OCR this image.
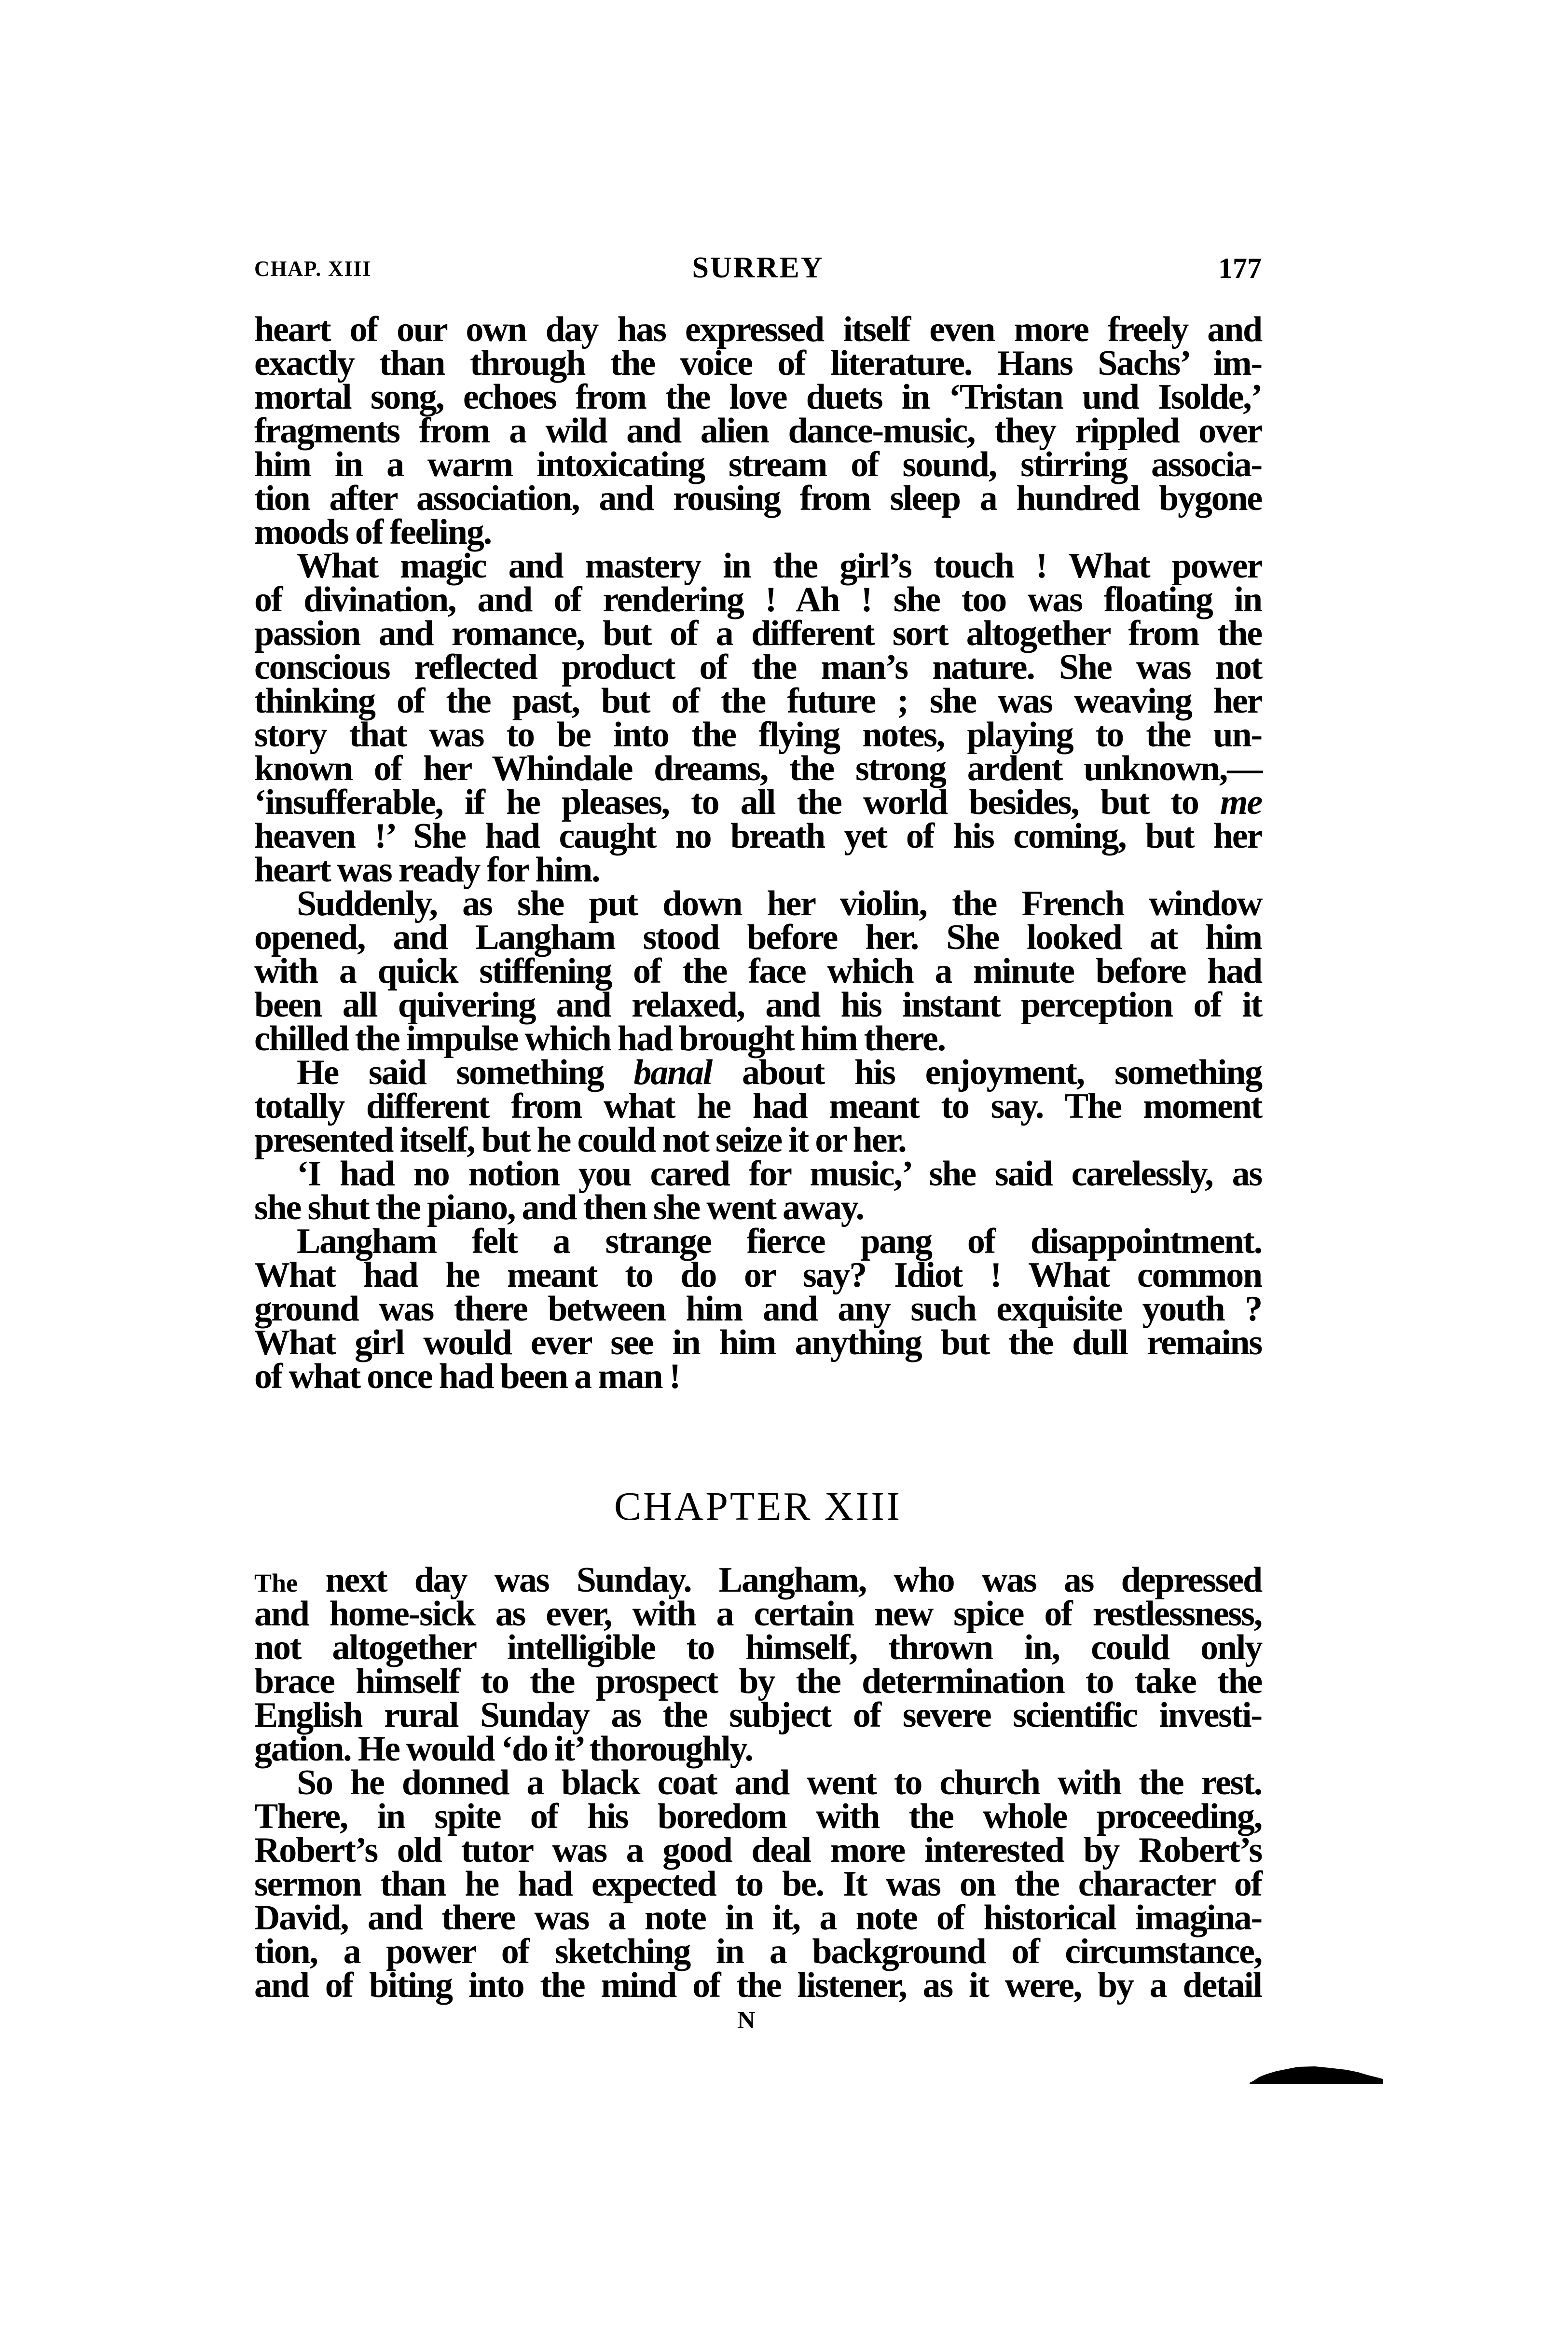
CHAP. XIII	SURREY	177
heart of our own day has expressed itself even more freely and
exactly than through the voice of literature. Hans Sachs’ im-
mortal song, echoes from the love duets in ‘Tristan und Isolde,’
fragments from a wild and alien dance-music, they rippled over
him in a warm intoxicating stream of sound, stirring associa-
tion after association, and rousing from sleep a hundred bygone
moods of feeling.
What magic and mastery in the girl’s touch ! What power
of divination, and of rendering ! Ah ! she too was floating in
passion and romance, but of a different sort altogether from the
conscious reflected product of the man’s nature. She was not
thinking of the past, but of the future ; she was weaving her
story that was to be into the flying notes, playing to the un-
known of her Whindale dreams, the strong ardent unknown,—
‘insufferable, if he pleases, to all the world besides, but to me
heaven !’ She had caught no breath yet of his coming, but her
heart was ready for him.
Suddenly, as she put down her violin, the French window
opened, and Langham stood before her. She looked at him
with a quick stiffening of the face which a minute before had
been all quivering and relaxed, and his instant perception of it
chilled the impulse which had brought him there.
He said something banal about his enjoyment, something
totally different from what he had meant to say. The moment
presented itself, but he could not seize it or her.
‘I had no notion you cared for music,’ she said carelessly, as
she shut the piano, and then she went away.
Langham felt a strange fierce pang of disappointment.
What had he meant to do or say? Idiot ! What common
ground was there between him and any such exquisite youth ?
What girl would ever see in him anything but the dull remains
of what once had been a man !
CHAPTER XIII
The next day was Sunday. Langham, who was as depressed
and home-sick as ever, with a certain new spice of restlessness,
not altogether intelligible to himself, thrown in, could only
brace himself to the prospect by the determination to take the
English rural Sunday as the subject of severe scientific investi-
gation. He would ‘do it’ thoroughly.
So he donned a black coat and went to church with the rest.
There, in spite of his boredom with the whole proceeding,
Robert’s old tutor was a good deal more interested by Robert’s
sermon than he had expected to be. It was on the character of
David, and there was a note in it, a note of historical imagina-
tion, a power of sketching in a background of circumstance,
and of biting into the mind of the listener, as it were, by a detail
N
